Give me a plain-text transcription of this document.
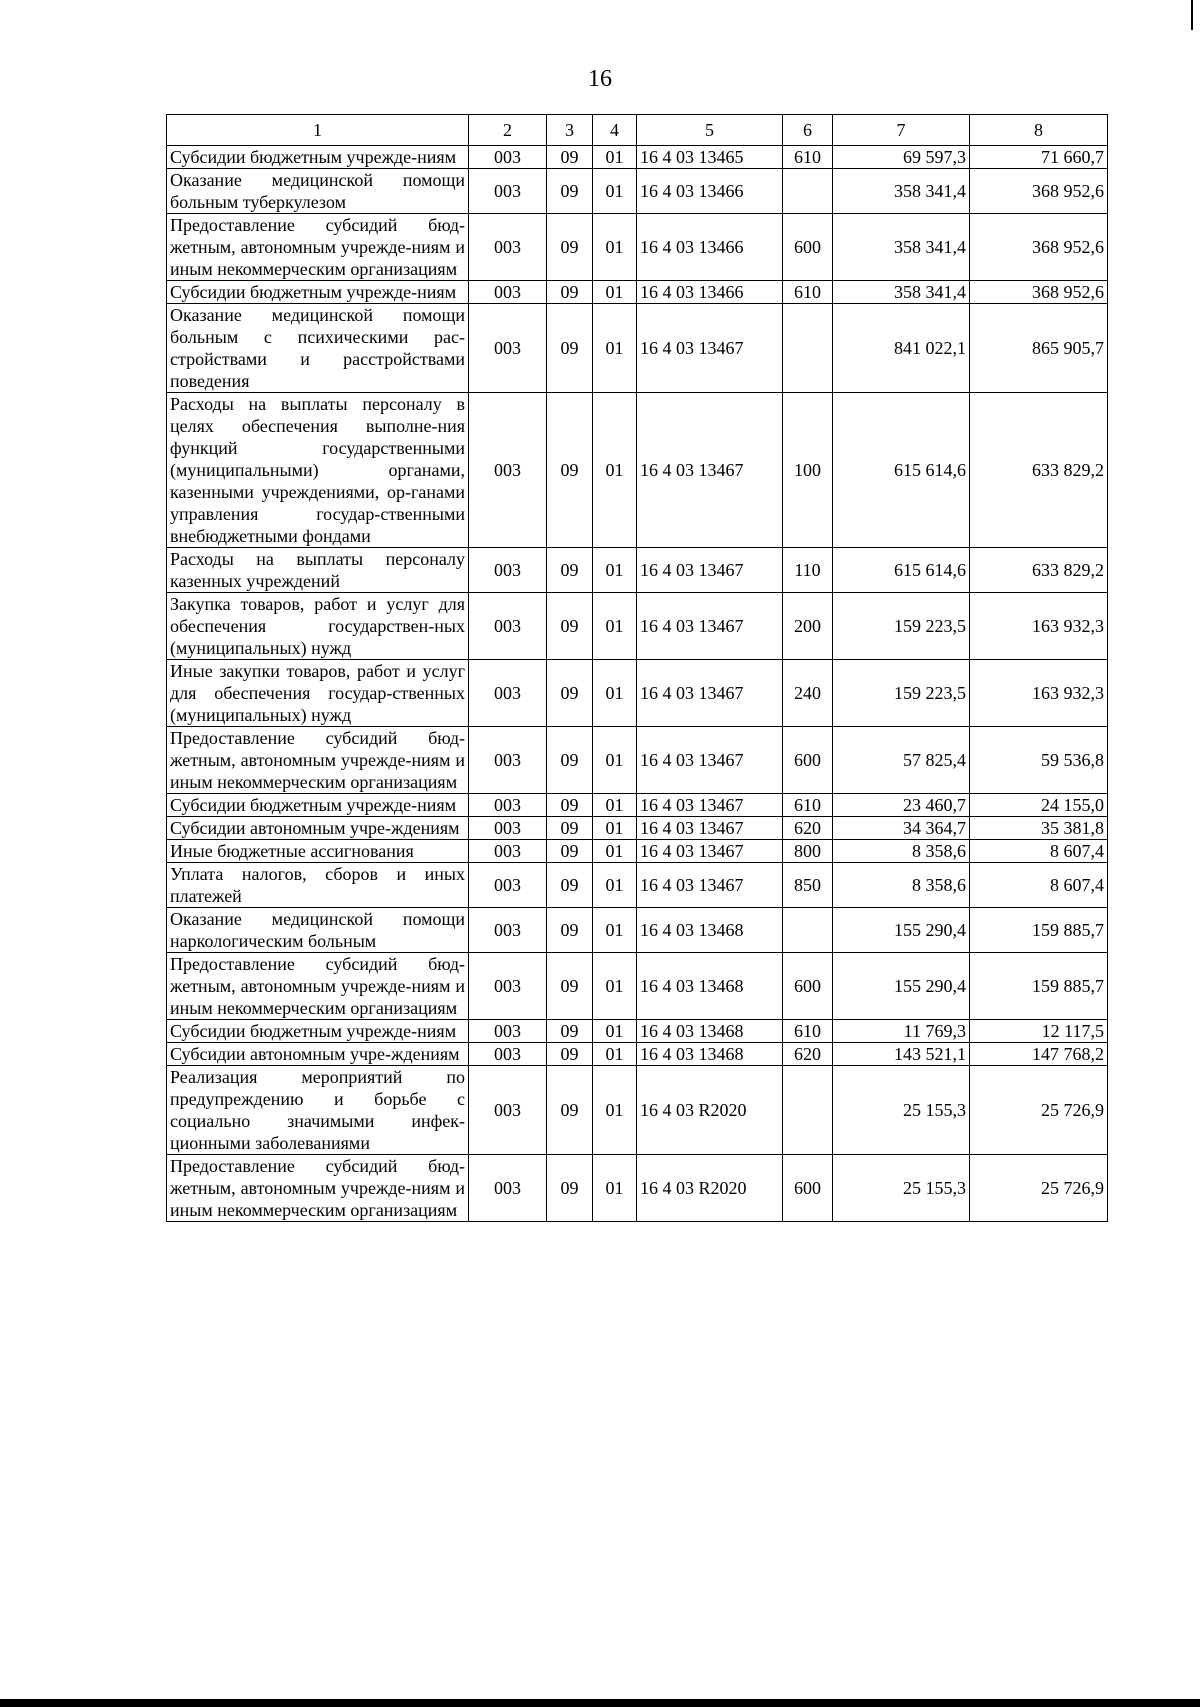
16
1	2	3	4	5	6	7	8
Субсидии бюджетным учрежде-ниям	003	09	01	16 4 03 13465	610	69 597,3	71 660,7
Оказание медицинской помощи больным туберкулезом	003	09	01	16 4 03 13466		358 341,4	368 952,6
Предоставление субсидий бюд-жетным, автономным учрежде-ниям и иным некоммерческим организациям	003	09	01	16 4 03 13466	600	358 341,4	368 952,6
Субсидии бюджетным учрежде-ниям	003	09	01	16 4 03 13466	610	358 341,4	368 952,6
Оказание медицинской помощи больным с психическими рас-стройствами и расстройствами поведения	003	09	01	16 4 03 13467		841 022,1	865 905,7
Расходы на выплаты персоналу в целях обеспечения выполне-ния функций государственными (муниципальными) органами, казенными учреждениями, ор-ганами управления государ-ственными внебюджетными фондами	003	09	01	16 4 03 13467	100	615 614,6	633 829,2
Расходы на выплаты персоналу казенных учреждений	003	09	01	16 4 03 13467	110	615 614,6	633 829,2
Закупка товаров, работ и услуг для обеспечения государствен-ных (муниципальных) нужд	003	09	01	16 4 03 13467	200	159 223,5	163 932,3
Иные закупки товаров, работ и услуг для обеспечения государ-ственных (муниципальных) нужд	003	09	01	16 4 03 13467	240	159 223,5	163 932,3
Предоставление субсидий бюд-жетным, автономным учрежде-ниям и иным некоммерческим организациям	003	09	01	16 4 03 13467	600	57 825,4	59 536,8
Субсидии бюджетным учрежде-ниям	003	09	01	16 4 03 13467	610	23 460,7	24 155,0
Субсидии автономным учре-ждениям	003	09	01	16 4 03 13467	620	34 364,7	35 381,8
Иные бюджетные ассигнования	003	09	01	16 4 03 13467	800	8 358,6	8 607,4
Уплата налогов, сборов и иных платежей	003	09	01	16 4 03 13467	850	8 358,6	8 607,4
Оказание медицинской помощи наркологическим больным	003	09	01	16 4 03 13468		155 290,4	159 885,7
Предоставление субсидий бюд-жетным, автономным учрежде-ниям и иным некоммерческим организациям	003	09	01	16 4 03 13468	600	155 290,4	159 885,7
Субсидии бюджетным учрежде-ниям	003	09	01	16 4 03 13468	610	11 769,3	12 117,5
Субсидии автономным учре-ждениям	003	09	01	16 4 03 13468	620	143 521,1	147 768,2
Реализация мероприятий по предупреждению и борьбе с социально значимыми инфек-ционными заболеваниями	003	09	01	16 4 03 R2020		25 155,3	25 726,9
Предоставление субсидий бюд-жетным, автономным учрежде-ниям и иным некоммерческим организациям	003	09	01	16 4 03 R2020	600	25 155,3	25 726,9
